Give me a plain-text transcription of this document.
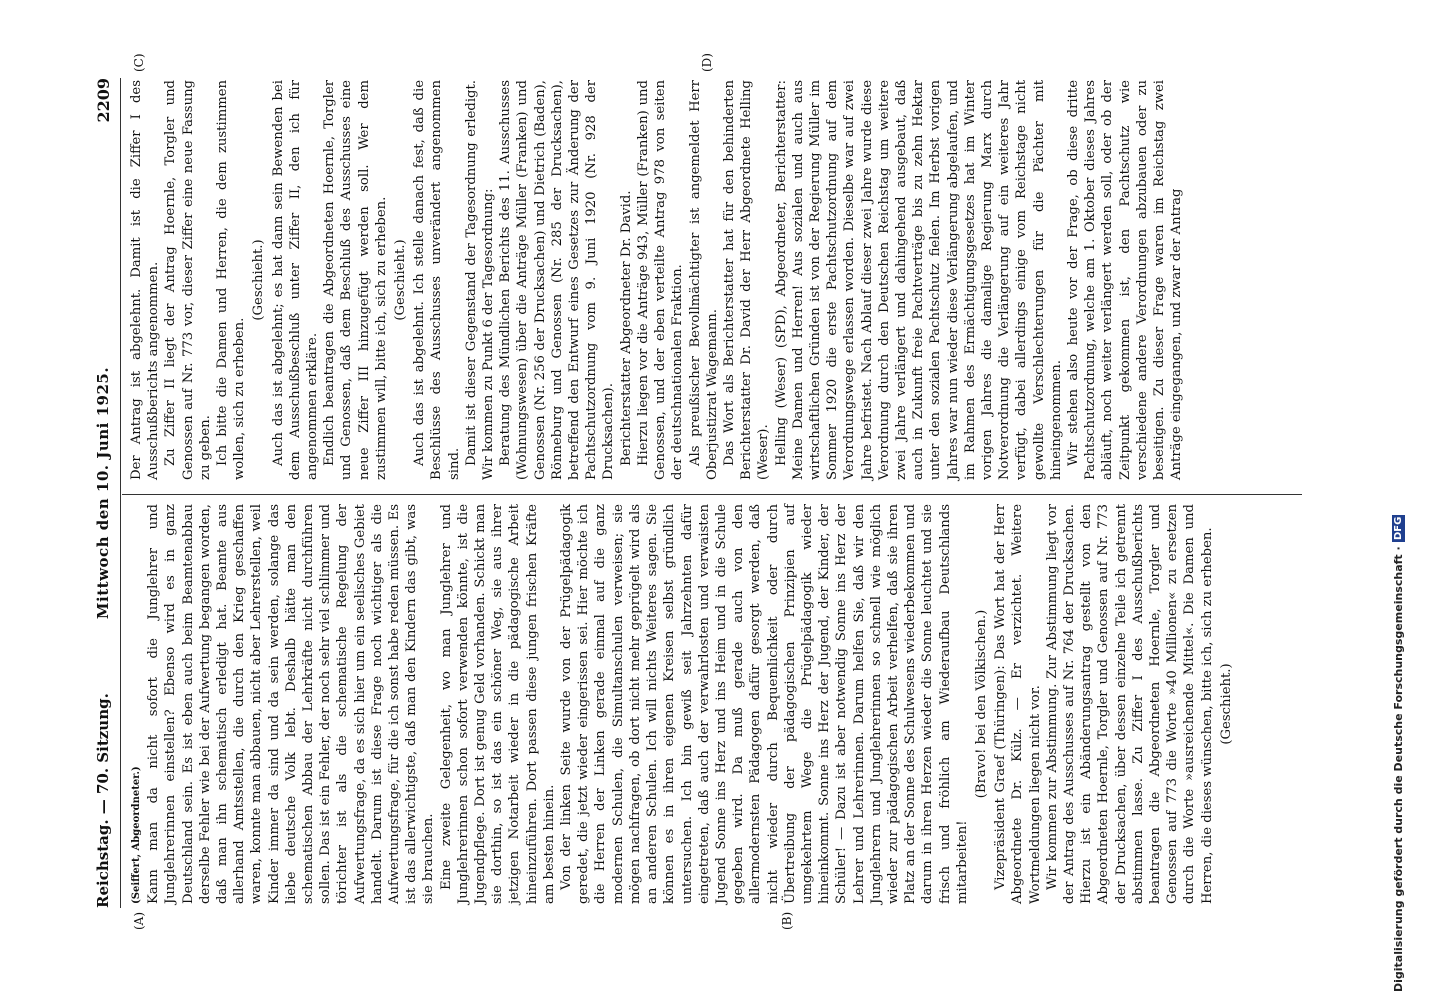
Reichstag. — 70. Sitzung.
Mittwoch den 10. Juni 1925.
2209
(A)	(B)
(C)	(D)

(Seiffert, Abgeordneter.) Kann man da nicht sofort die Junglehrer und Junglehrerinnen einstellen? Ebenso wird es in ganz Deutschland sein. Es ist eben auch beim Beamtenabbau derselbe Fehler wie bei der Aufwertung begangen worden, daß man ihn schematisch erledigt hat. Beamte aus allerhand Amtsstellen, die durch den Krieg geschaffen waren, konnte man abbauen, nicht aber Lehrerstellen, weil Kinder immer da sind und da sein werden, solange das liebe deutsche Volk lebt. Deshalb hätte man den schematischen Abbau der Lehrkräfte nicht durchführen sollen. Das ist ein Fehler, der noch sehr viel schlimmer und törichter ist als die schematische Regelung der Aufwertungsfrage, da es sich hier um ein seelisches Gebiet handelt. Darum ist diese Frage noch wichtiger als die Aufwertungsfrage, für die ich sonst habe reden müssen. Es ist das allerwichtigste, daß man den Kindern das gibt, was sie brauchen. Eine zweite Gelegenheit, wo man Junglehrer und Junglehrerinnen schon sofort verwenden könnte, ist die Jugendpflege. Dort ist genug Geld vorhanden. Schickt man sie dorthin, so ist das ein schöner Weg, sie aus ihrer jetzigen Notarbeit wieder in die pädagogische Arbeit hineinzuführen. Dort passen diese jungen frischen Kräfte am besten hinein. Von der linken Seite wurde von der Prügelpädagogik geredet, die jetzt wieder eingerissen sei. Hier möchte ich die Herren der Linken gerade einmal auf die ganz modernen Schulen, die Simultanschulen verweisen; sie mögen nachfragen, ob dort nicht mehr geprügelt wird als an anderen Schulen. Ich will nichts Weiteres sagen. Sie können es in ihren eigenen Kreisen selbst gründlich untersuchen. Ich bin gewiß seit Jahrzehnten dafür eingetreten, daß auch der verwahrlosten und verwaisten Jugend Sonne ins Herz und ins Heim und in die Schule gegeben wird. Da muß gerade auch von den allermodernsten Pädagogen dafür gesorgt werden, daß nicht wieder durch Bequemlichkeit oder durch Übertreibung der pädagogischen Prinzipien auf umgekehrtem Wege die Prügelpädagogik wieder hineinkommt. Sonne ins Herz der Jugend, der Kinder, der Schüler! — Dazu ist aber notwendig Sonne ins Herz der Lehrer und Lehrerinnen. Darum helfen Sie, daß wir den Junglehrern und Junglehrerinnen so schnell wie möglich wieder zur pädagogischen Arbeit verhelfen, daß sie ihren Platz an der Sonne des Schulwesens wiederbekommen und darum in ihren Herzen wieder die Sonne leuchtet und sie frisch und fröhlich am Wiederaufbau Deutschlands mitarbeiten!

(Bravo! bei den Völkischen.) Vizepräsident Graef (Thüringen): Das Wort hat der Herr Abgeordnete Dr. Külz. — Er verzichtet. Weitere Wortmeldungen liegen nicht vor. Wir kommen zur Abstimmung. Zur Abstimmung liegt vor der Antrag des Ausschusses auf Nr. 764 der Drucksachen. Hierzu ist ein Abänderungsantrag gestellt von den Abgeordneten Hoernle, Torgler und Genossen auf Nr. 773 der Drucksachen, über dessen einzelne Teile ich getrennt abstimmen lasse. Zu Ziffer I des Ausschußberichts beantragen die Abgeordneten Hoernle, Torgler und Genossen auf 773 die Worte »40 Millionen« zu ersetzen durch die Worte »ausreichende Mittel«. Die Damen und Herren, die dieses wünschen, bitte ich, sich zu erheben. (Geschieht.)

Der Antrag ist abgelehnt. Damit ist die Ziffer I des Ausschußberichts angenommen. Zu Ziffer II liegt der Antrag Hoernle, Torgler und Genossen auf Nr. 773 vor, dieser Ziffer eine neue Fassung zu geben. Ich bitte die Damen und Herren, die dem zustimmen wollen, sich zu erheben.

(Geschieht.) Auch das ist abgelehnt; es hat dann sein Bewenden bei dem Ausschußbeschluß unter Ziffer II, den ich für angenommen erkläre. Endlich beantragen die Abgeordneten Hoernle, Torgler und Genossen, daß dem Beschluß des Ausschusses eine neue Ziffer III hinzugefügt werden soll. Wer dem zustimmen will, bitte ich, sich zu erheben. (Geschieht.) Auch das ist abgelehnt. Ich stelle danach fest, daß die Beschlüsse des Ausschusses unverändert angenommen sind. Damit ist dieser Gegenstand der Tagesordnung erledigt. Wir kommen zu Punkt 6 der Tagesordnung: Beratung des Mündlichen Berichts des 11. Ausschusses (Wohnungswesen) über die Anträge Müller (Franken) und Genossen (Nr. 256 der Drucksachen) und Dietrich (Baden), Rönneburg und Genossen (Nr. 285 der Drucksachen), betreffend den Entwurf eines Gesetzes zur Änderung der Pachtschutzordnung vom 9. Juni 1920 (Nr. 928 der Drucksachen). Berichterstatter Abgeordneter Dr. David. Hierzu liegen vor die Anträge 943, Müller (Franken) und Genossen, und der eben verteilte Antrag 978 von seiten der deutschnationalen Fraktion. Als preußischer Bevollmächtigter ist angemeldet Herr Oberjustizrat Wagemann. Das Wort als Berichterstatter hat für den behinderten Berichterstatter Dr. David der Herr Abgeordnete Helling (Weser). Helling (Weser) (SPD), Abgeordneter, Berichterstatter: Meine Damen und Herren! Aus sozialen und auch aus wirtschaftlichen Gründen ist von der Regierung Müller im Sommer 1920 die erste Pachtschutzordnung auf dem Verordnungswege erlassen worden. Dieselbe war auf zwei Jahre befristet. Nach Ablauf dieser zwei Jahre wurde diese Verordnung durch den Deutschen Reichstag um weitere zwei Jahre verlängert und dahingehend ausgebaut, daß auch in Zukunft freie Pachtverträge bis zu zehn Hektar unter den sozialen Pachtschutz fielen. Im Herbst vorigen Jahres war nun wieder diese Verlängerung abgelaufen, und im Rahmen des Ermächtigungsgesetzes hat im Winter vorigen Jahres die damalige Regierung Marx durch Notverordnung die Verlängerung auf ein weiteres Jahr verfügt, dabei allerdings einige vom Reichstage nicht gewollte Verschlechterungen für die Pächter mit hineingenommen. Wir stehen also heute vor der Frage, ob diese dritte Pachtschutzordnung, welche am 1. Oktober dieses Jahres abläuft, noch weiter verlängert werden soll, oder ob der Zeitpunkt gekommen ist, den Pachtschutz wie verschiedene andere Verordnungen abzubauen oder zu beseitigen. Zu dieser Frage waren im Reichstag zwei Anträge eingegangen, und zwar der Antrag

Digitalisierung gefördert durch die Deutsche Forschungsgemeinschaft · DFG
